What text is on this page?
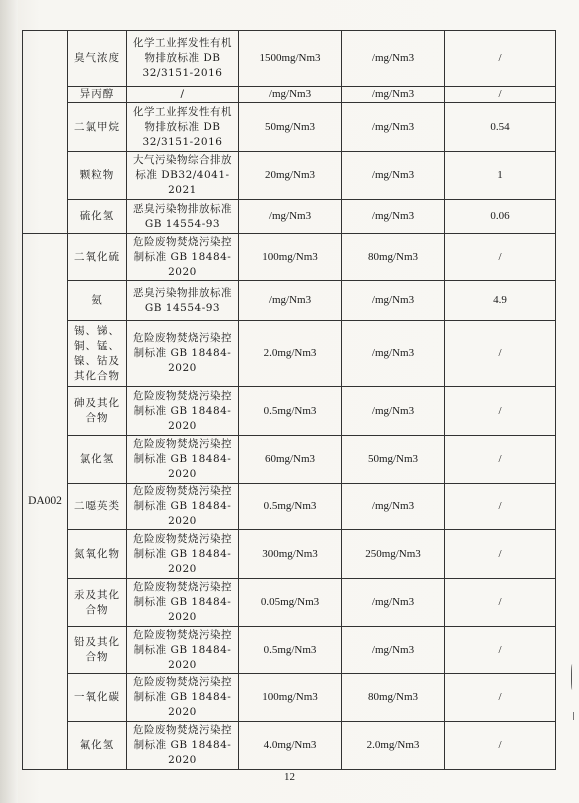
	臭气浓度	化学工业挥发性有机物排放标准 DB 32/3151-2016	1500mg/Nm3	/mg/Nm3	/
	异丙醇	/	/mg/Nm3	/mg/Nm3	/
	二氯甲烷	化学工业挥发性有机物排放标准 DB 32/3151-2016	50mg/Nm3	/mg/Nm3	0.54
	颗粒物	大气污染物综合排放标准 DB32/4041-2021	20mg/Nm3	/mg/Nm3	1
	硫化氢	恶臭污染物排放标准 GB 14554-93	/mg/Nm3	/mg/Nm3	0.06
DA002	二氧化硫	危险废物焚烧污染控制标准 GB 18484-2020	100mg/Nm3	80mg/Nm3	/
	氨	恶臭污染物排放标准 GB 14554-93	/mg/Nm3	/mg/Nm3	4.9
	锡、锑、铜、锰、镍、钴及其化合物	危险废物焚烧污染控制标准 GB 18484-2020	2.0mg/Nm3	/mg/Nm3	/
	砷及其化合物	危险废物焚烧污染控制标准 GB 18484-2020	0.5mg/Nm3	/mg/Nm3	/
	氯化氢	危险废物焚烧污染控制标准 GB 18484-2020	60mg/Nm3	50mg/Nm3	/
	二噁英类	危险废物焚烧污染控制标准 GB 18484-2020	0.5mg/Nm3	/mg/Nm3	/
	氮氧化物	危险废物焚烧污染控制标准 GB 18484-2020	300mg/Nm3	250mg/Nm3	/
	汞及其化合物	危险废物焚烧污染控制标准 GB 18484-2020	0.05mg/Nm3	/mg/Nm3	/
	铅及其化合物	危险废物焚烧污染控制标准 GB 18484-2020	0.5mg/Nm3	/mg/Nm3	/
	一氧化碳	危险废物焚烧污染控制标准 GB 18484-2020	100mg/Nm3	80mg/Nm3	/
	氟化氢	危险废物焚烧污染控制标准 GB 18484-2020	4.0mg/Nm3	2.0mg/Nm3	/
12
